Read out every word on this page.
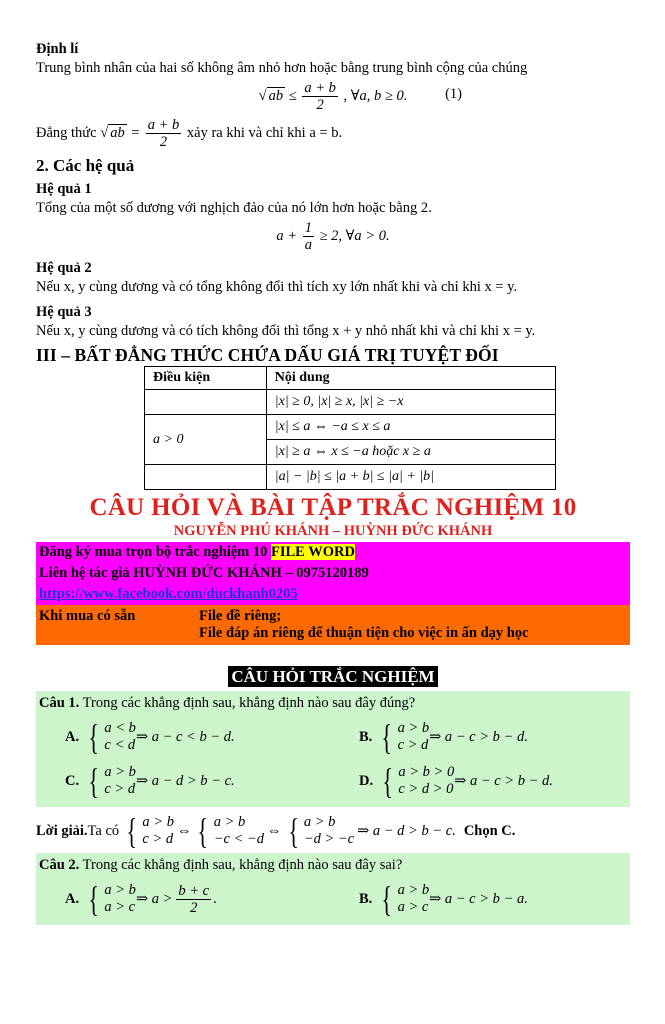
Định lí
Trung bình nhân của hai số không âm nhỏ hơn hoặc bằng trung bình cộng của chúng
√ ab ≤ $\frac{a + b}{2}$ , ∀a, b ≥ 0.	(1)
Đẳng thức √ ab = $\frac{a + b}{2}$ xảy ra khi và chỉ khi a = b.
2. Các hệ quả
Hệ quả 1
Tổng của một số dương với nghịch đảo của nó lớn hơn hoặc bằng 2.
$a + \frac{1}{a} \ge 2$, ∀a > 0.
Hệ quả 2
Nếu x, y cùng dương và có tổng không đổi thì tích xy lớn nhất khi và chỉ khi x = y.
Hệ quả 3
Nếu x, y cùng dương và có tích không đổi thì tổng x + y nhỏ nhất khi và chỉ khi x = y.
III – BẤT ĐẲNG THỨC CHỨA DẤU GIÁ TRỊ TUYỆT ĐỐI
Điều kiện	Nội dung
	|x| ≥ 0, |x| ≥ x, |x| ≥ −x
a > 0	|x| ≤ a ⇔ −a ≤ x ≤ a
	|x| ≥ a ⇔ x ≤ −a hoặc x ≥ a
	|a| − |b| ≤ |a + b| ≤ |a| + |b|
CÂU HỎI VÀ BÀI TẬP TRẮC NGHIỆM 10
NGUYỄN PHÚ KHÁNH – HUỲNH ĐỨC KHÁNH
Đăng ký mua trọn bộ trắc nghiệm 10 FILE WORD
Liên hệ tác giả HUỲNH ĐỨC KHÁNH – 0975120189
https://www.facebook.com/duckhanh0205
Khi mua có sẵn	File đề riêng;
File đáp án riêng để thuận tiện cho việc in ấn dạy học
CÂU HỎI TRẮC NGHIỆM
Câu 1. Trong các khẳng định sau, khẳng định nào sau đây đúng?
A. { a < b
c < d
⇒ a − c < b − d.	B. { a > b
c > d
⇒ a − c > b − d.
C. { a > b
c > d
⇒ a − d > b − c.	D. { a > b > 0
c > d > 0
⇒ a − c > b − d.
Lời giải. Ta có { a > b
c > d
⇔ { a > b
−c < −d
⇔ { a > b
−d > −c
⇒ a − d > b − c. Chọn C.
Câu 2. Trong các khẳng định sau, khẳng định nào sau đây sai?
A. { a > b
a > c
⇒ $a > \frac{b + c}{2}$ .	B. { a > b
a > c
⇒ a − c > b − a.
